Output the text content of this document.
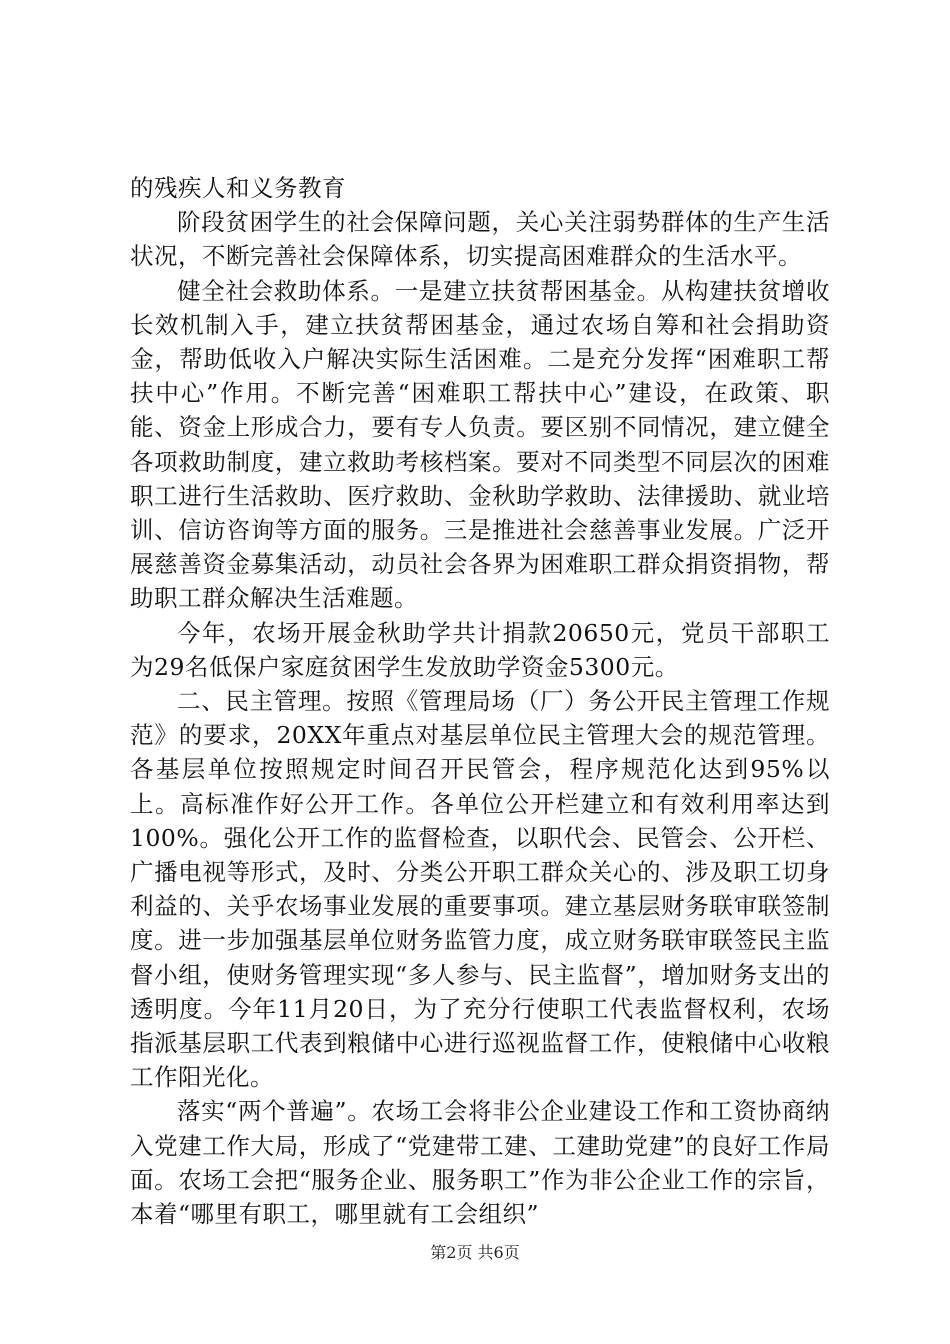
的残疾人和义务教育

阶段贫困学生的社会保障问题，关心关注弱势群体的生产生活状况，不断完善社会保障体系，切实提高困难群众的生活水平。

健全社会救助体系。一是建立扶贫帮困基金。从构建扶贫增收长效机制入手，建立扶贫帮困基金，通过农场自筹和社会捐助资金，帮助低收入户解决实际生活困难。二是充分发挥“困难职工帮扶中心”作用。不断完善“困难职工帮扶中心”建设，在政策、职能、资金上形成合力，要有专人负责。要区别不同情况，建立健全各项救助制度，建立救助考核档案。要对不同类型不同层次的困难职工进行生活救助、医疗救助、金秋助学救助、法律援助、就业培训、信访咨询等方面的服务。三是推进社会慈善事业发展。广泛开展慈善资金募集活动，动员社会各界为困难职工群众捐资捐物，帮助职工群众解决生活难题。

今年，农场开展金秋助学共计捐款20650元，党员干部职工为29名低保户家庭贫困学生发放助学资金5300元。

二、民主管理。按照《管理局场（厂）务公开民主管理工作规范》的要求，20XX年重点对基层单位民主管理大会的规范管理。各基层单位按照规定时间召开民管会，程序规范化达到95%以上。高标准作好公开工作。各单位公开栏建立和有效利用率达到100%。强化公开工作的监督检查，以职代会、民管会、公开栏、广播电视等形式，及时、分类公开职工群众关心的、涉及职工切身利益的、关乎农场事业发展的重要事项。建立基层财务联审联签制度。进一步加强基层单位财务监管力度，成立财务联审联签民主监督小组，使财务管理实现“多人参与、民主监督”，增加财务支出的透明度。今年11月20日，为了充分行使职工代表监督权利，农场指派基层职工代表到粮储中心进行巡视监督工作，使粮储中心收粮工作阳光化。

落实“两个普遍”。农场工会将非公企业建设工作和工资协商纳入党建工作大局，形成了“党建带工建、工建助党建”的良好工作局面。农场工会把“服务企业、服务职工”作为非公企业工作的宗旨，本着“哪里有职工，哪里就有工会组织”

第2页 共6页
